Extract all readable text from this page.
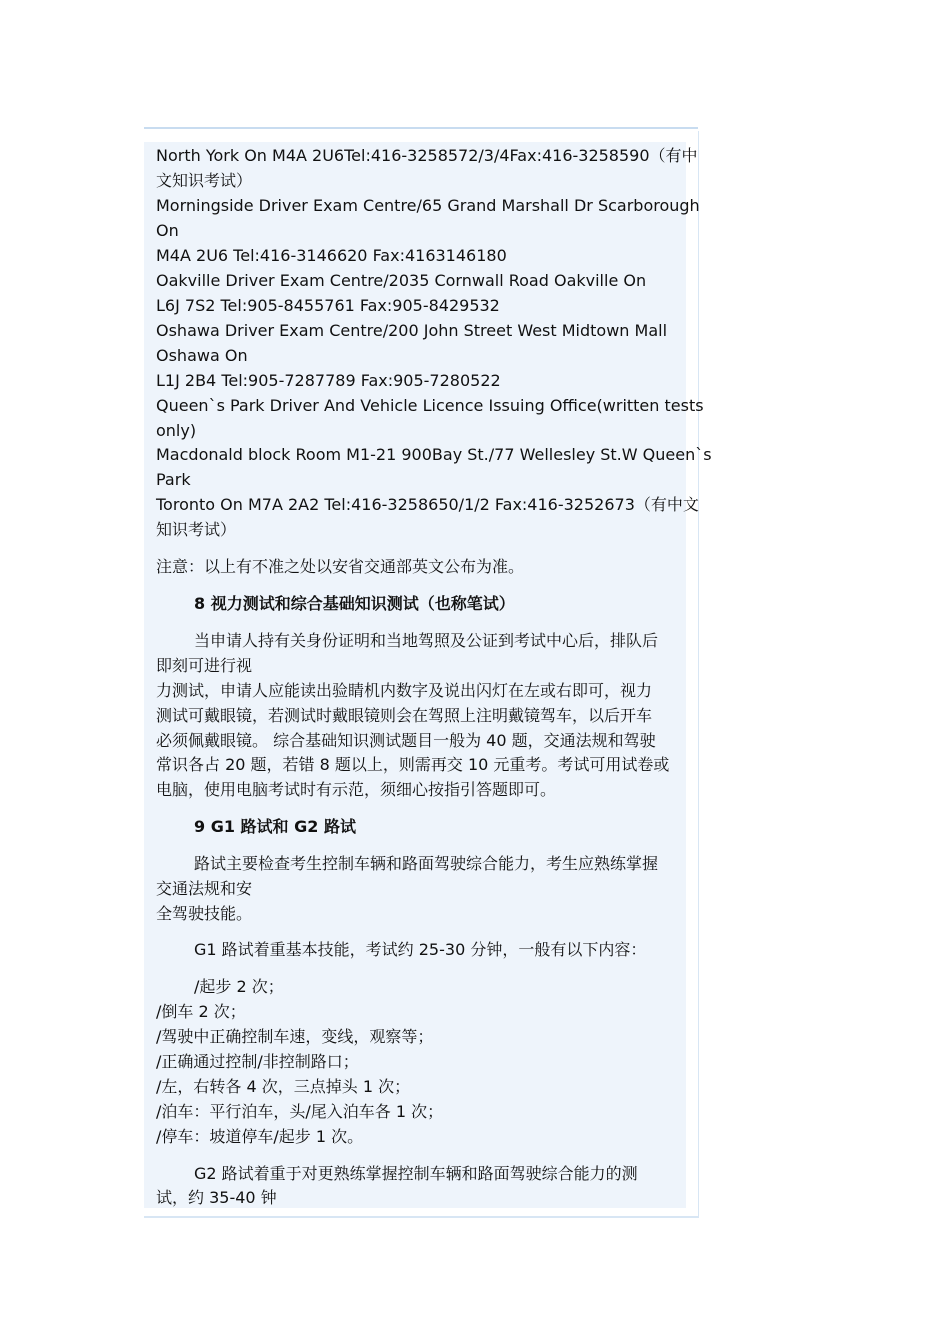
North York On M4A 2U6Tel:416-3258572/3/4Fax:416-3258590（有中
文知识考试）
Morningside Driver Exam Centre/65 Grand Marshall Dr Scarborough
On
M4A 2U6 Tel:416-3146620 Fax:4163146180
Oakville Driver Exam Centre/2035 Cornwall Road Oakville On
L6J 7S2 Tel:905-8455761 Fax:905-8429532
Oshawa Driver Exam Centre/200 John Street West Midtown Mall
Oshawa On
L1J 2B4 Tel:905-7287789 Fax:905-7280522
Queen`s Park Driver And Vehicle Licence Issuing Office(written tests
only)
Macdonald block Room M1-21 900Bay St./77 Wellesley St.W Queen`s
Park
Toronto On M7A 2A2 Tel:416-3258650/1/2 Fax:416-3252673（有中文
知识考试）
注意：以上有不准之处以安省交通部英文公布为准。
8 视力测试和综合基础知识测试（也称笔试）
当申请人持有关身份证明和当地驾照及公证到考试中心后，排队后
即刻可进行视
力测试，申请人应能读出验睛机内数字及说出闪灯在左或右即可，视力
测试可戴眼镜，若测试时戴眼镜则会在驾照上注明戴镜驾车，以后开车
必须佩戴眼镜。 综合基础知识测试题目一般为 40 题，交通法规和驾驶
常识各占 20 题，若错 8 题以上，则需再交 10 元重考。考试可用试卷或
电脑，使用电脑考试时有示范，须细心按指引答题即可。
9 G1 路试和 G2 路试
路试主要检查考生控制车辆和路面驾驶综合能力，考生应熟练掌握
交通法规和安
全驾驶技能。
G1 路试着重基本技能，考试约 25-30 分钟，一般有以下内容：
/起步 2 次；
/倒车 2 次；
/驾驶中正确控制车速，变线，观察等；
/正确通过控制/非控制路口；
/左，右转各 4 次，三点掉头 1 次；
/泊车：平行泊车，头/尾入泊车各 1 次；
/停车：坡道停车/起步 1 次。
G2 路试着重于对更熟练掌握控制车辆和路面驾驶综合能力的测
试，约 35-40 钟
